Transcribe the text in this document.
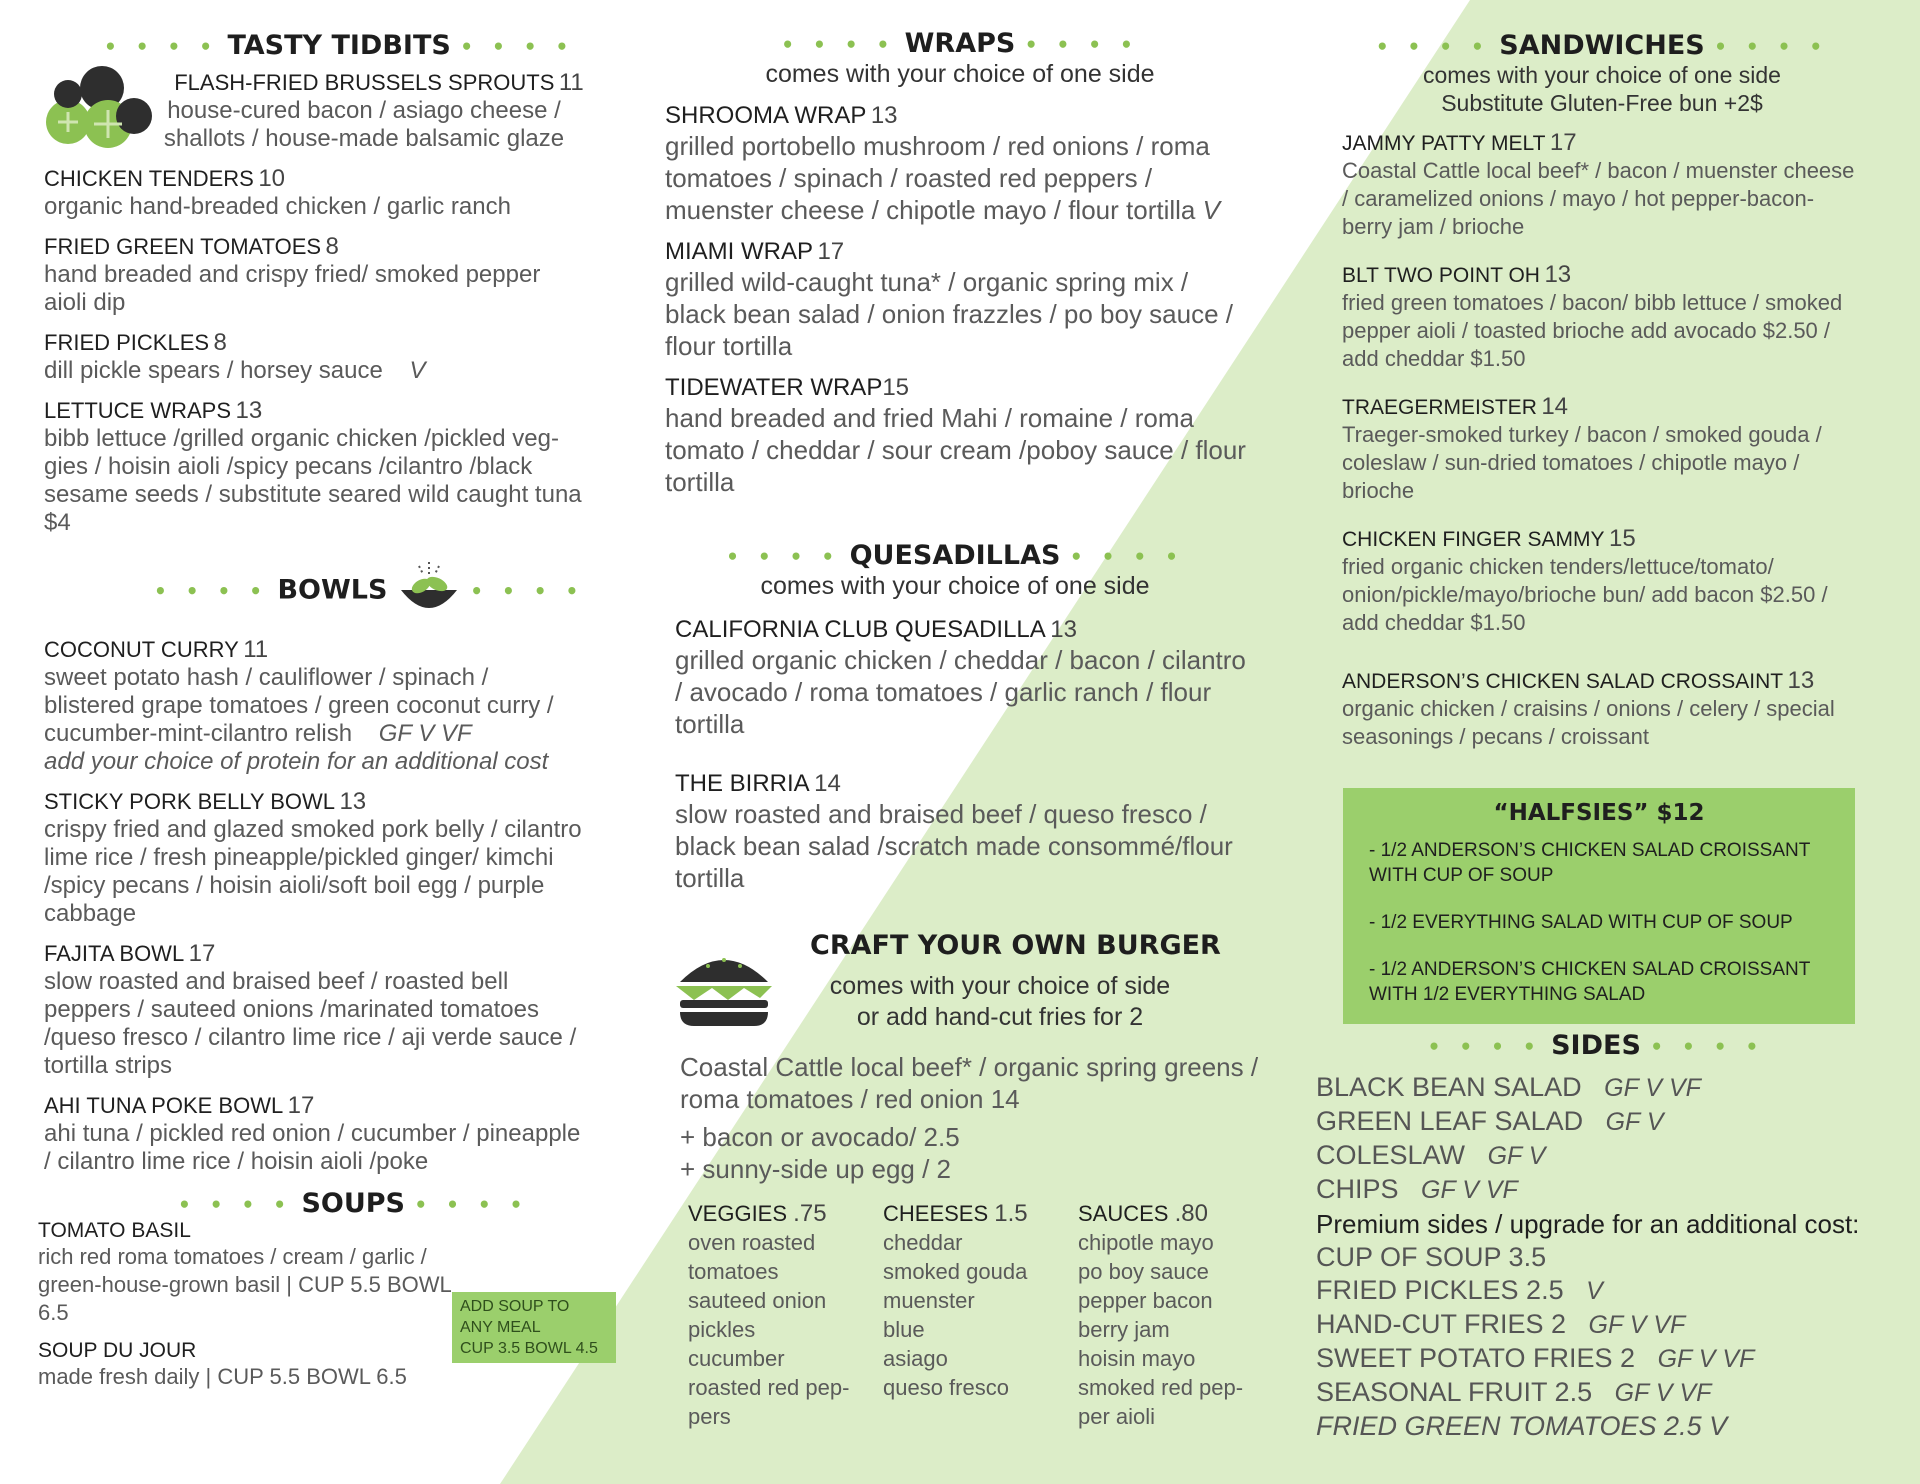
• • • • TASTY TIDBITS • • • •
FLASH-FRIED BRUSSELS SPROUTS 11
house-cured bacon / asiago cheese / shallots / house-made balsamic glaze
CHICKEN TENDERS 10
organic hand-breaded chicken / garlic ranch
FRIED GREEN TOMATOES 8
hand breaded and crispy fried/ smoked pepper aioli dip
FRIED PICKLES 8
dill pickle spears / horsey sauce V
LETTUCE WRAPS 13
bibb lettuce /grilled organic chicken /pickled veg-gies / hoisin aioli /spicy pecans /cilantro /black sesame seeds / substitute seared wild caught tuna $4
• • • • BOWLS	• • • •
COCONUT CURRY 11
sweet potato hash / cauliflower / spinach / blistered grape tomatoes / green coconut curry / cucumber-mint-cilantro relish GF V VF
add your choice of protein for an additional cost
STICKY PORK BELLY BOWL 13
crispy fried and glazed smoked pork belly / cilantro lime rice / fresh pineapple/pickled ginger/ kimchi /spicy pecans / hoisin aioli/soft boil egg / purple cabbage
FAJITA BOWL 17
slow roasted and braised beef / roasted bell peppers / sauteed onions /marinated tomatoes /queso fresco / cilantro lime rice / aji verde sauce / tortilla strips
AHI TUNA POKE BOWL 17
ahi tuna / pickled red onion / cucumber / pineapple / cilantro lime rice / hoisin aioli /poke
• • • • SOUPS • • • •
TOMATO BASIL
rich red roma tomatoes / cream / garlic / green-house-grown basil | CUP 5.5 BOWL 6.5
SOUP DU JOUR
made fresh daily | CUP 5.5 BOWL 6.5
ADD SOUP TO
ANY MEAL
CUP 3.5 BOWL 4.5
• • • • WRAPS • • • •
comes with your choice of one side
SHROOMA WRAP 13
grilled portobello mushroom / red onions / roma tomatoes / spinach / roasted red peppers / muenster cheese / chipotle mayo / flour tortilla V
MIAMI WRAP 17
grilled wild-caught tuna* / organic spring mix / black bean salad / onion frazzles / po boy sauce / flour tortilla
TIDEWATER WRAP15
hand breaded and fried Mahi / romaine / roma tomato / cheddar / sour cream /poboy sauce / flour tortilla
• • • • QUESADILLAS • • • •
comes with your choice of one side
CALIFORNIA CLUB QUESADILLA 13
grilled organic chicken / cheddar / bacon / cilantro / avocado / roma tomatoes / garlic ranch / flour tortilla
THE BIRRIA 14
slow roasted and braised beef / queso fresco / black bean salad /scratch made consommé/flour tortilla
CRAFT YOUR OWN BURGER
comes with your choice of side
or add hand-cut fries for 2
Coastal Cattle local beef* / organic spring greens / roma tomatoes / red onion 14
+ bacon or avocado/ 2.5
+ sunny-side up egg / 2
VEGGIES .75
oven roasted
tomatoes
sauteed onion
pickles
cucumber
roasted red pep-
pers
CHEESES 1.5
cheddar
smoked gouda
muenster
blue
asiago
queso fresco
SAUCES .80
chipotle mayo
po boy sauce
pepper bacon
berry jam
hoisin mayo
smoked red pep-
per aioli
• • • • SANDWICHES • • • •
comes with your choice of one side
Substitute Gluten-Free bun +2$
JAMMY PATTY MELT 17
Coastal Cattle local beef* / bacon / muenster cheese / caramelized onions / mayo / hot pepper-bacon-berry jam / brioche
BLT TWO POINT OH 13
fried green tomatoes / bacon/ bibb lettuce / smoked pepper aioli / toasted brioche add avocado $2.50 / add cheddar $1.50
TRAEGERMEISTER 14
Traeger-smoked turkey / bacon / smoked gouda / coleslaw / sun-dried tomatoes / chipotle mayo / brioche
CHICKEN FINGER SAMMY 15
fried organic chicken tenders/lettuce/tomato/ onion/pickle/mayo/brioche bun/ add bacon $2.50 / add cheddar $1.50
ANDERSON’S CHICKEN SALAD CROSSAINT 13
organic chicken / craisins / onions / celery / special seasonings / pecans / croissant
“HALFSIES” $12
- 1/2 ANDERSON’S CHICKEN SALAD CROISSANT WITH CUP OF SOUP
- 1/2 EVERYTHING SALAD WITH CUP OF SOUP
- 1/2 ANDERSON’S CHICKEN SALAD CROISSANT WITH 1/2 EVERYTHING SALAD
• • • • SIDES • • • •
BLACK BEAN SALAD GF V VF
GREEN LEAF SALAD GF V
COLESLAW GF V
CHIPS GF V VF
Premium sides / upgrade for an additional cost:
CUP OF SOUP 3.5
FRIED PICKLES 2.5 V
HAND-CUT FRIES 2 GF V VF
SWEET POTATO FRIES 2 GF V VF
SEASONAL FRUIT 2.5 GF V VF
FRIED GREEN TOMATOES 2.5 V
